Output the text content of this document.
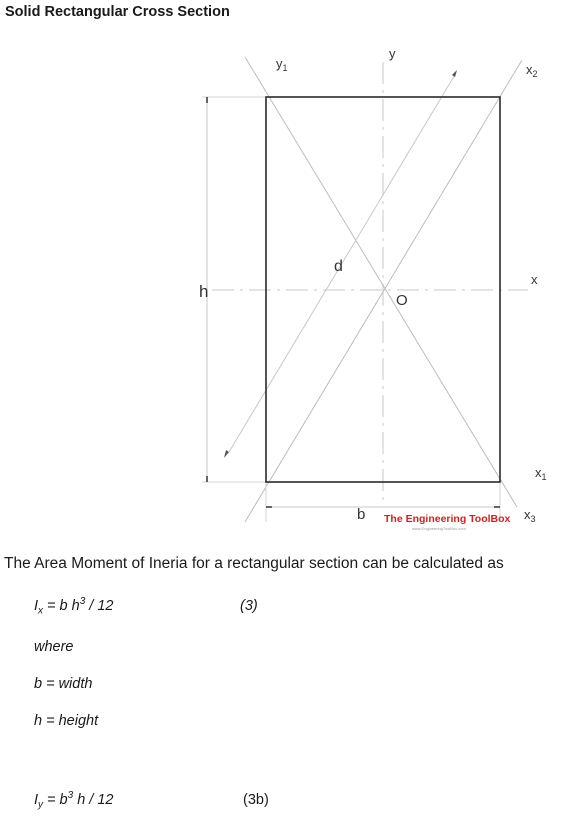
Solid Rectangular Cross Section
$y_1$
y
$x_2$
x
$x_1$
$x_3$
h
b
d
O
The Engineering ToolBox
www.EngineeringToolBox.com
The Area Moment of Ineria for a rectangular section can be calculated as
$I_x = b$ $h^3 / 12$	(3)
where
b = width
h = height
$I_y = b^3$ h / 12	(3b)
